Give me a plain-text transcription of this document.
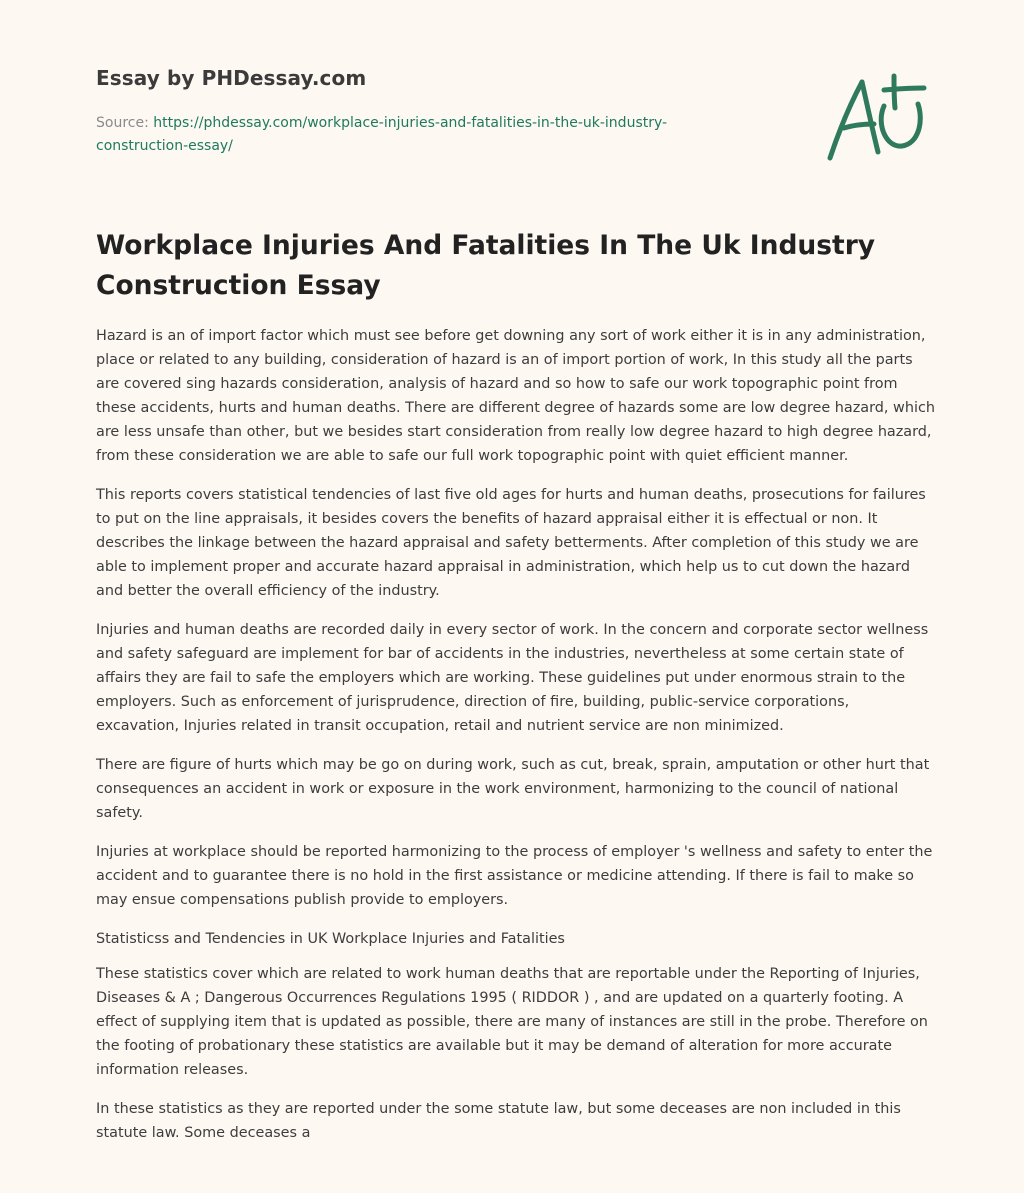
Essay by PHDessay.com
Source: https://phdessay.com/workplace-injuries-and-fatalities-in-the-uk-industry-
construction-essay/
Workplace Injuries And Fatalities In The Uk Industry Construction Essay

Hazard is an of import factor which must see before get downing any sort of work either it is in any administration, place or related to any building, consideration of hazard is an of import portion of work, In this study all the parts are covered sing hazards consideration, analysis of hazard and so how to safe our work topographic point from these accidents, hurts and human deaths. There are different degree of hazards some are low degree hazard, which are less unsafe than other, but we besides start consideration from really low degree hazard to high degree hazard, from these consideration we are able to safe our full work topographic point with quiet efficient manner.

This reports covers statistical tendencies of last five old ages for hurts and human deaths, prosecutions for failures to put on the line appraisals, it besides covers the benefits of hazard appraisal either it is effectual or non. It describes the linkage between the hazard appraisal and safety betterments. After completion of this study we are able to implement proper and accurate hazard appraisal in administration, which help us to cut down the hazard and better the overall efficiency of the industry.

Injuries and human deaths are recorded daily in every sector of work. In the concern and corporate sector wellness and safety safeguard are implement for bar of accidents in the industries, nevertheless at some certain state of affairs they are fail to safe the employers which are working. These guidelines put under enormous strain to the employers. Such as enforcement of jurisprudence, direction of fire, building, public-service corporations, excavation, Injuries related in transit occupation, retail and nutrient service are non minimized.

There are figure of hurts which may be go on during work, such as cut, break, sprain, amputation or other hurt that consequences an accident in work or exposure in the work environment, harmonizing to the council of national safety.

Injuries at workplace should be reported harmonizing to the process of employer 's wellness and safety to enter the accident and to guarantee there is no hold in the first assistance or medicine attending. If there is fail to make so may ensue compensations publish provide to employers.

Statisticss and Tendencies in UK Workplace Injuries and Fatalities

These statistics cover which are related to work human deaths that are reportable under the Reporting of Injuries, Diseases & A ; Dangerous Occurrences Regulations 1995 ( RIDDOR ) , and are updated on a quarterly footing. A effect of supplying item that is updated as possible, there are many of instances are still in the probe. Therefore on the footing of probationary these statistics are available but it may be demand of alteration for more accurate information releases.

In these statistics as they are reported under the some statute law, but some deceases are non included in this statute law. Some deceases a
